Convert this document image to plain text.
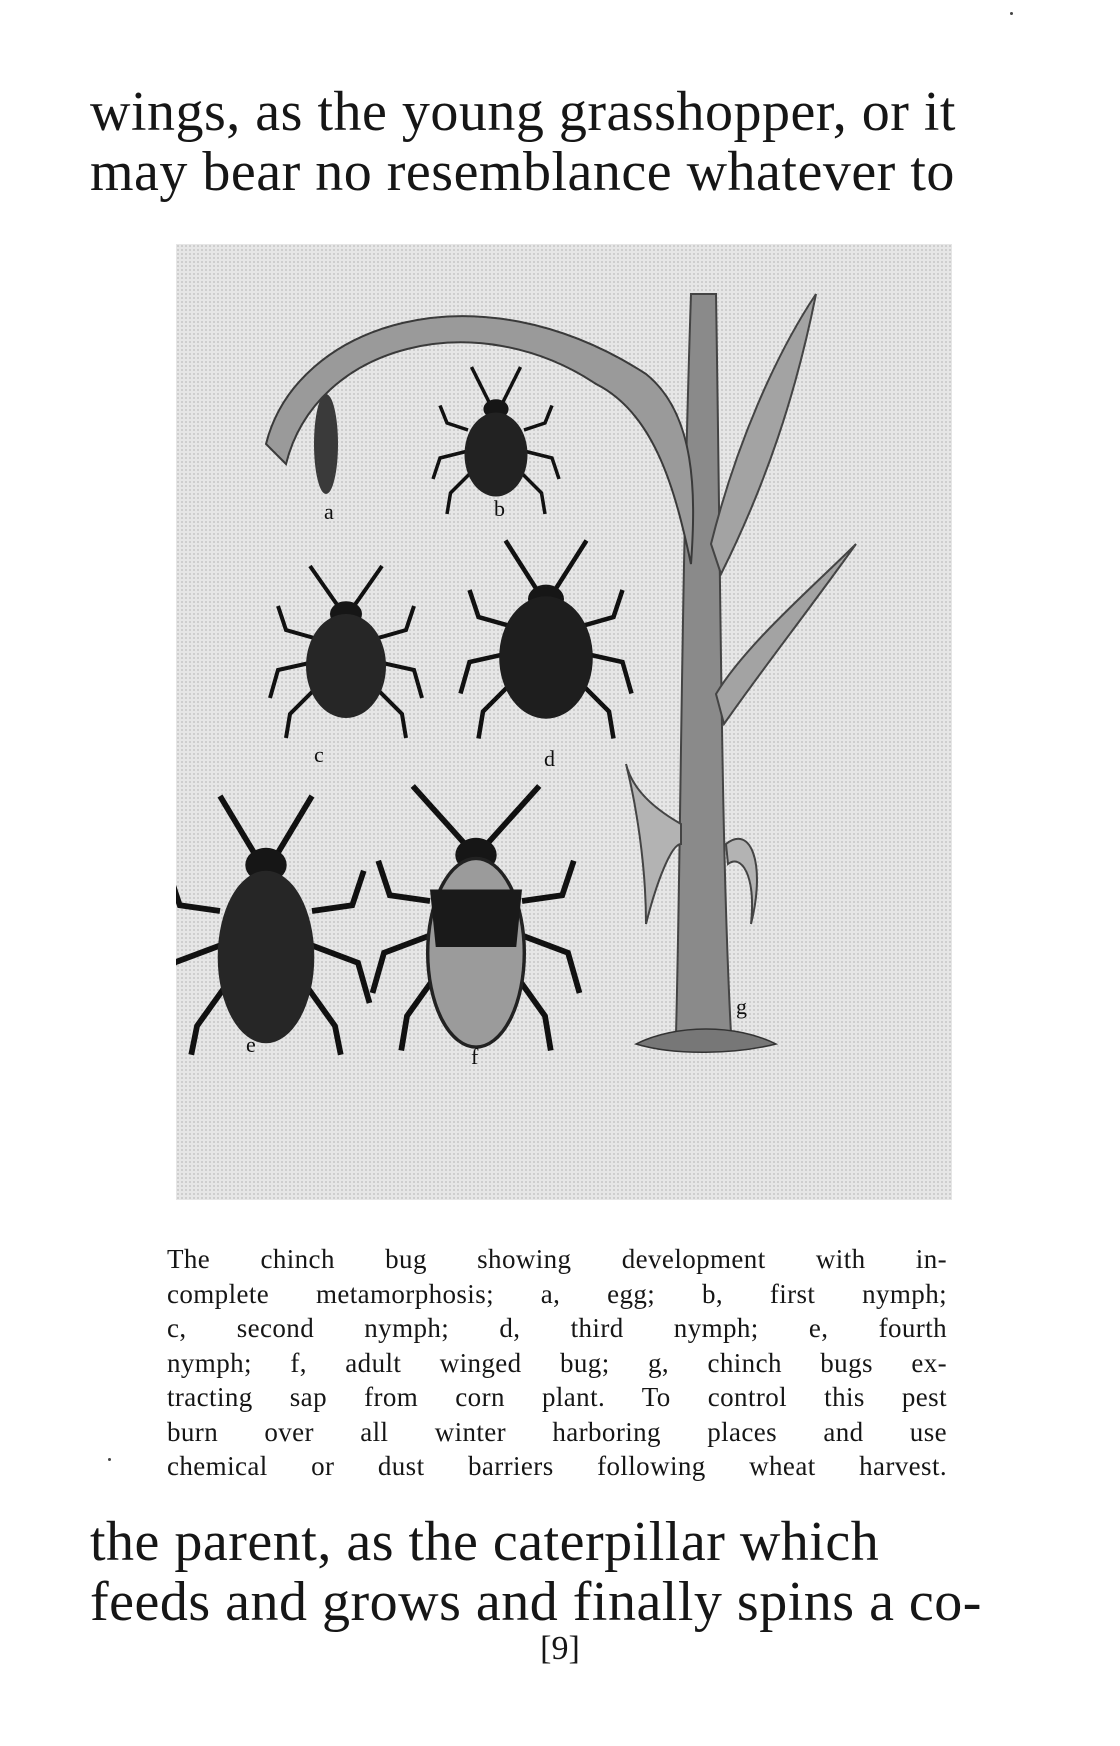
wings, as the young grasshopper, or it
may bear no resemblance whatever to

a	b
c	d
e	f
g

The chinch bug showing development with in-
complete metamorphosis; a, egg; b, first nymph;
c, second nymph; d, third nymph; e, fourth
nymph; f, adult winged bug; g, chinch bugs ex-
tracting sap from corn plant. To control this pest
burn over all winter harboring places and use
chemical or dust barriers following wheat harvest.

the parent, as the caterpillar which
feeds and grows and finally spins a co-

[9]
